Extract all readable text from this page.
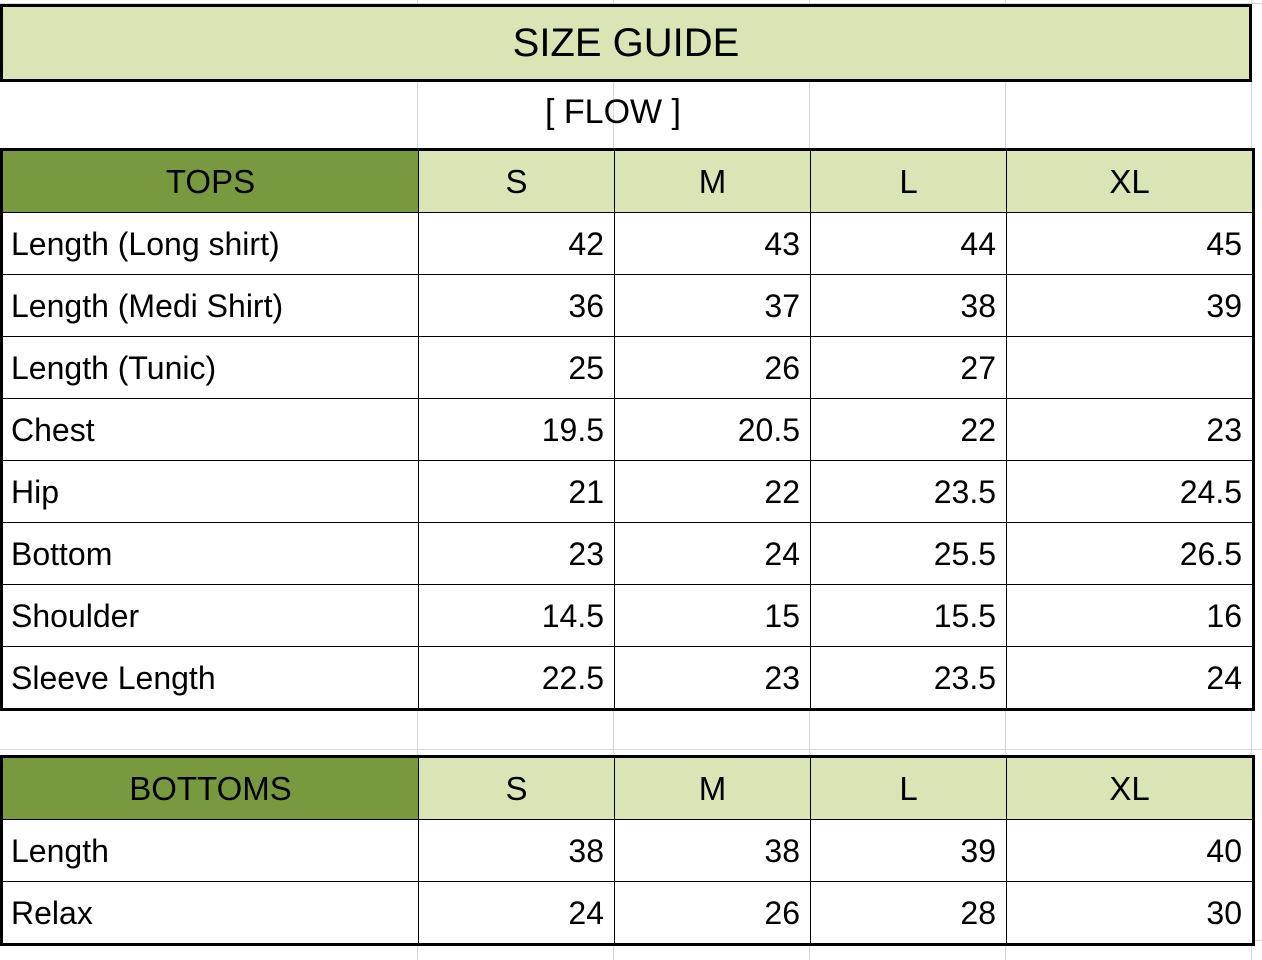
SIZE GUIDE
	[ FLOW ]		
TOPS	S	M	L	XL
Length (Long shirt)	42	43	44	45
Length (Medi Shirt)	36	37	38	39
Length (Tunic)	25	26	27	
Chest	19.5	20.5	22	23
Hip	21	22	23.5	24.5
Bottom	23	24	25.5	26.5
Shoulder	14.5	15	15.5	16
Sleeve Length	22.5	23	23.5	24
BOTTOMS	S	M	L	XL
Length	38	38	39	40
Relax	24	26	28	30
